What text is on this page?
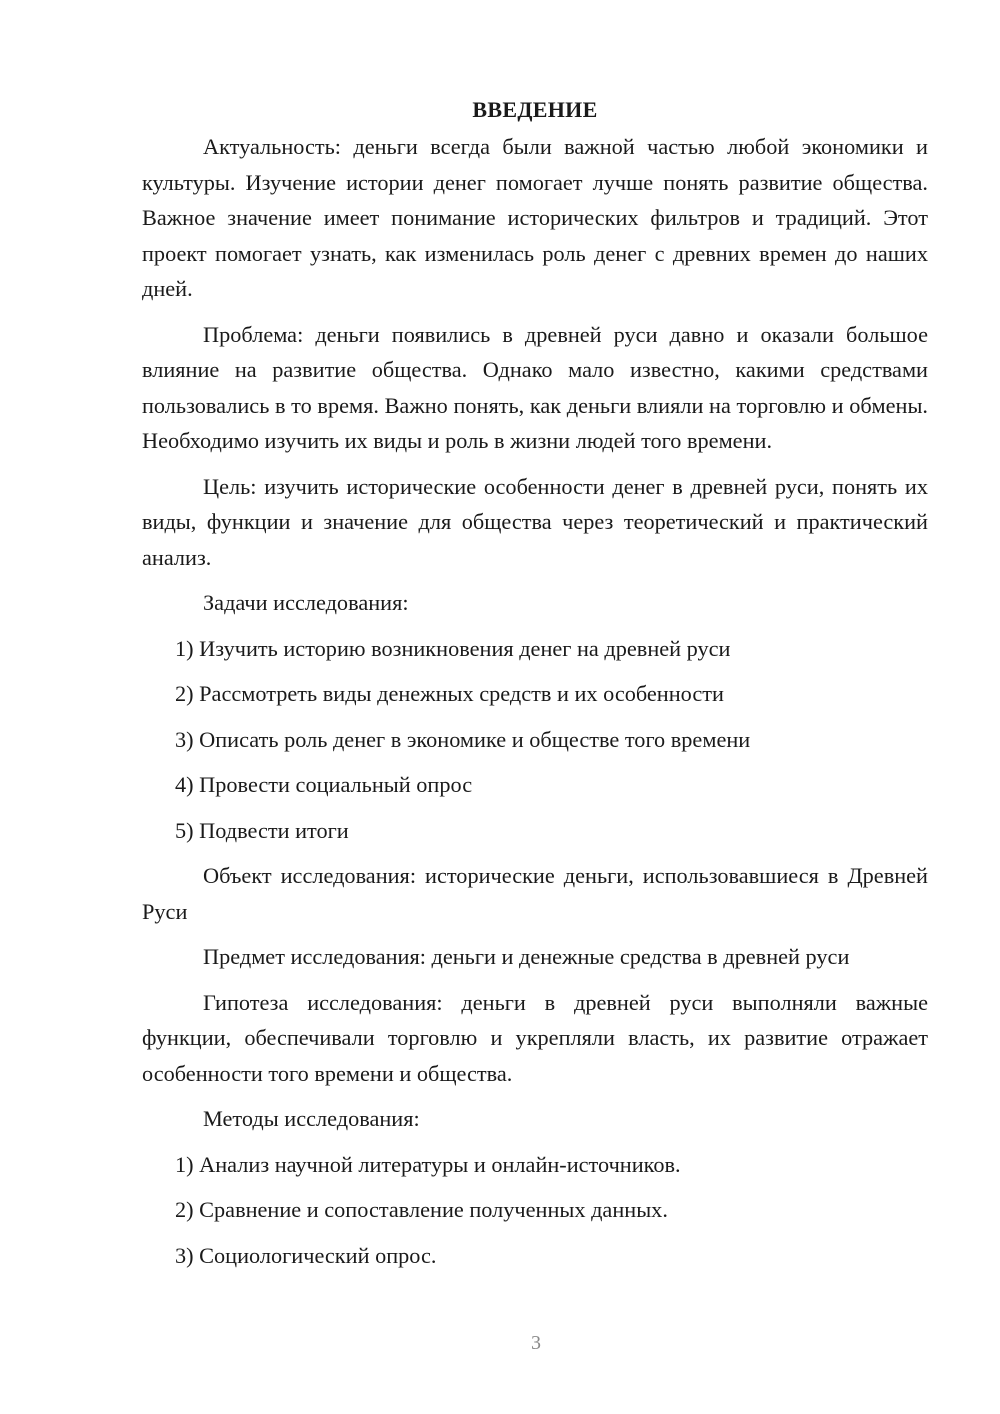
ВВЕДЕНИЕ

Актуальность: деньги всегда были важной частью любой экономики и культуры. Изучение истории денег помогает лучше понять развитие общества. Важное значение имеет понимание исторических фильтров и традиций. Этот проект помогает узнать, как изменилась роль денег с древних времен до наших дней.

Проблема: деньги появились в древней руси давно и оказали большое влияние на развитие общества. Однако мало известно, какими средствами пользовались в то время. Важно понять, как деньги влияли на торговлю и обмены. Необходимо изучить их виды и роль в жизни людей того времени.

Цель: изучить исторические особенности денег в древней руси, понять их виды, функции и значение для общества через теоретический и практический анализ.

Задачи исследования:

1) Изучить историю возникновения денег на древней руси
2) Рассмотреть виды денежных средств и их особенности
3) Описать роль денег в экономике и обществе того времени
4) Провести социальный опрос
5) Подвести итоги

Объект исследования: исторические деньги, использовавшиеся в Древней Руси

Предмет исследования: деньги и денежные средства в древней руси

Гипотеза исследования: деньги в древней руси выполняли важные функции, обеспечивали торговлю и укрепляли власть, их развитие отражает особенности того времени и общества.

Методы исследования:

1) Анализ научной литературы и онлайн-источников.
2) Сравнение и сопоставление полученных данных.
3) Социологический опрос.
3
